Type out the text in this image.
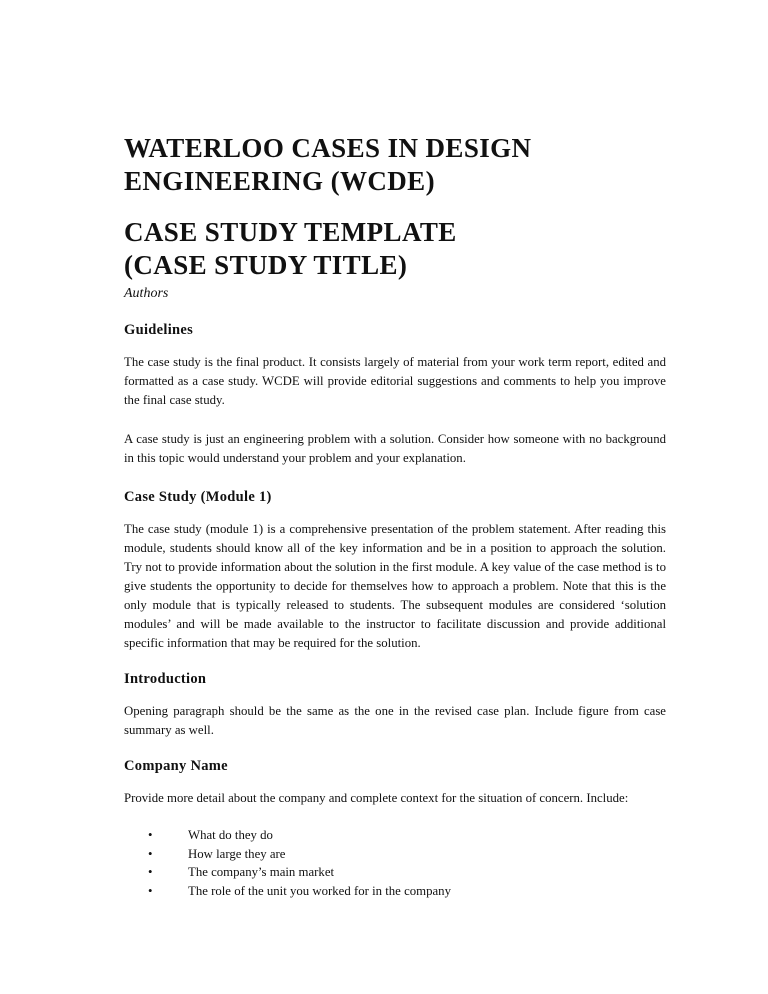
WATERLOO CASES IN DESIGN
ENGINEERING (WCDE)
CASE STUDY TEMPLATE
(CASE STUDY TITLE)
Authors
Guidelines

The case study is the final product. It consists largely of material from your work term report, edited and formatted as a case study. WCDE will provide editorial suggestions and comments to help you improve the final case study.

A case study is just an engineering problem with a solution. Consider how someone with no background in this topic would understand your problem and your explanation.

Case Study (Module 1)

The case study (module 1) is a comprehensive presentation of the problem statement. After reading this module, students should know all of the key information and be in a position to approach the solution. Try not to provide information about the solution in the first module. A key value of the case method is to give students the opportunity to decide for themselves how to approach a problem. Note that this is the only module that is typically released to students. The subsequent modules are considered ‘solution modules’ and will be made available to the instructor to facilitate discussion and provide additional specific information that may be required for the solution.

Introduction

Opening paragraph should be the same as the one in the revised case plan. Include figure from case summary as well.

Company Name

Provide more detail about the company and complete context for the situation of concern. Include:

•	What do they do
•	How large they are
•	The company’s main market
•	The role of the unit you worked for in the company
